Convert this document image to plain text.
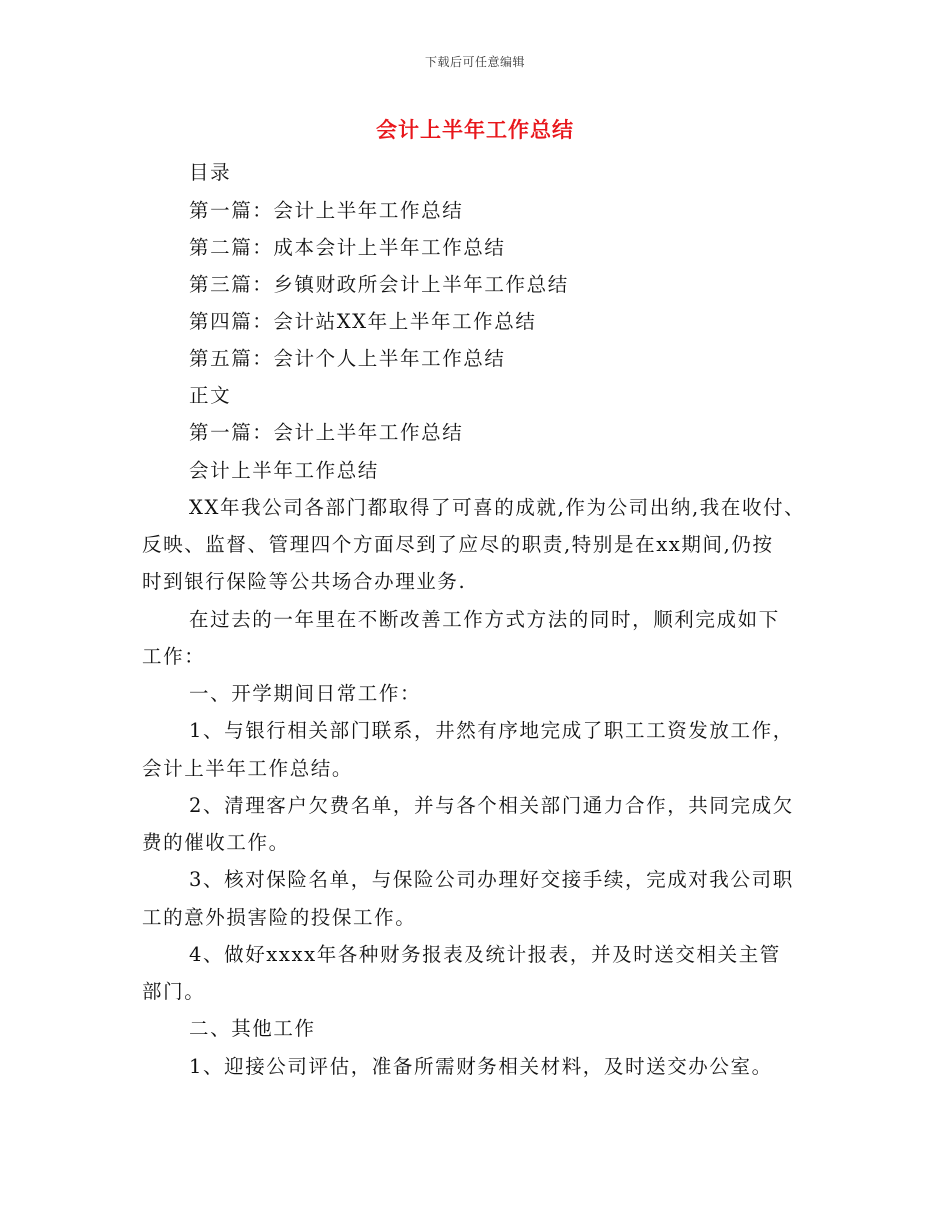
下载后可任意编辑
会计上半年工作总结
目录
第一篇：会计上半年工作总结
第二篇：成本会计上半年工作总结
第三篇：乡镇财政所会计上半年工作总结
第四篇：会计站XX年上半年工作总结
第五篇：会计个人上半年工作总结
正文
第一篇：会计上半年工作总结
会计上半年工作总结
XX年我公司各部门都取得了可喜的成就,作为公司出纳,我在收付、
反映、监督、管理四个方面尽到了应尽的职责,特别是在xx期间,仍按
时到银行保险等公共场合办理业务.
在过去的一年里在不断改善工作方式方法的同时，顺利完成如下
工作：
一、开学期间日常工作：
1、与银行相关部门联系，井然有序地完成了职工工资发放工作，
会计上半年工作总结。
2、清理客户欠费名单，并与各个相关部门通力合作，共同完成欠
费的催收工作。
3、核对保险名单，与保险公司办理好交接手续，完成对我公司职
工的意外损害险的投保工作。
4、做好xxxx年各种财务报表及统计报表，并及时送交相关主管
部门。
二、其他工作
1、迎接公司评估，准备所需财务相关材料，及时送交办公室。
